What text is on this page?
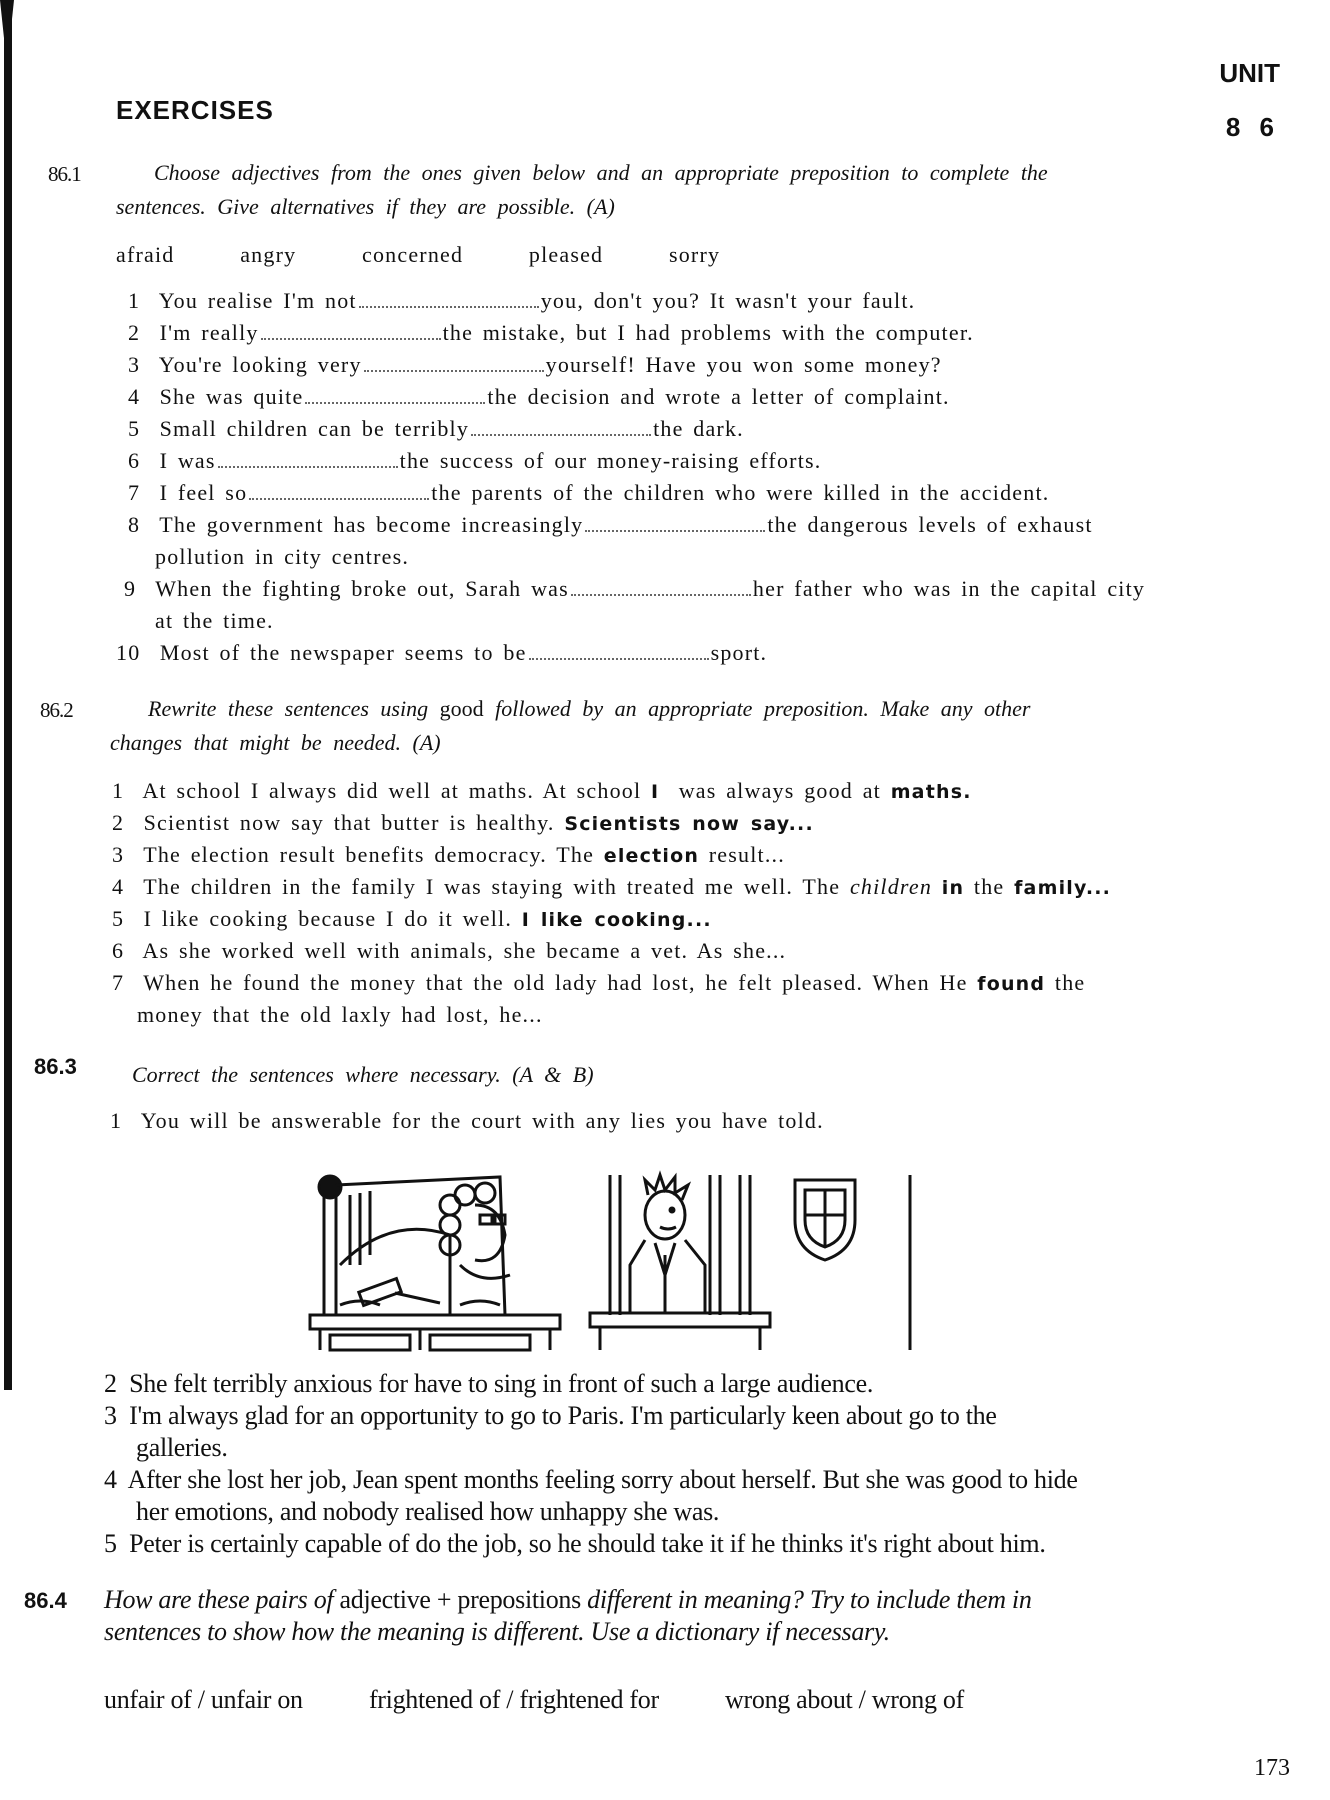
UNIT
8 6
EXERCISES
86.1	Choose adjectives from the ones given below and an appropriate preposition to complete the
sentences. Give alternatives if they are possible. (A)
afraid	angry	concerned	pleased	sorry
1 You realise I'm not	you, don't you? It wasn't your fault.
2 I'm really	the mistake, but I had problems with the computer.
3 You're looking very	yourself! Have you won some money?
4 She was quite	the decision and wrote a letter of complaint.
5 Small children can be terribly	the dark.
6 I was	the success of our money-raising efforts.
7 I feel so	the parents of the children who were killed in the accident.
8 The government has become increasingly	the dangerous levels of exhaust
pollution in city centres.
9 When the fighting broke out, Sarah was	her father who was in the capital city
at the time.
10 Most of the newspaper seems to be	sport.
86.2	Rewrite these sentences using good followed by an appropriate preposition. Make any other
changes that might be needed. (A)
1 At school I always did well at maths. At school I was always good at maths.
2 Scientist now say that butter is healthy. Scientists now say...
3 The election result benefits democracy. The election result...
4 The children in the family I was staying with treated me well. The children in the family...
5 I like cooking because I do it well. I like cooking...
6 As she worked well with animals, she became a vet. As she...
7 When he found the money that the old lady had lost, he felt pleased. When He found the
money that the old laxly had lost, he...
86.3	Correct the sentences where necessary. (A & B)
1 You will be answerable for the court with any lies you have told.
2 She felt terribly anxious for have to sing in front of such a large audience.
3 I'm always glad for an opportunity to go to Paris. I'm particularly keen about go to the
galleries.
4 After she lost her job, Jean spent months feeling sorry about herself. But she was good to hide
her emotions, and nobody realised how unhappy she was.
5 Peter is certainly capable of do the job, so he should take it if he thinks it's right about him.
86.4 How are these pairs of adjective + prepositions different in meaning? Try to include them in
sentences to show how the meaning is different. Use a dictionary if necessary.
unfair of / unfair on	frightened of / frightened for	wrong about / wrong of
173
